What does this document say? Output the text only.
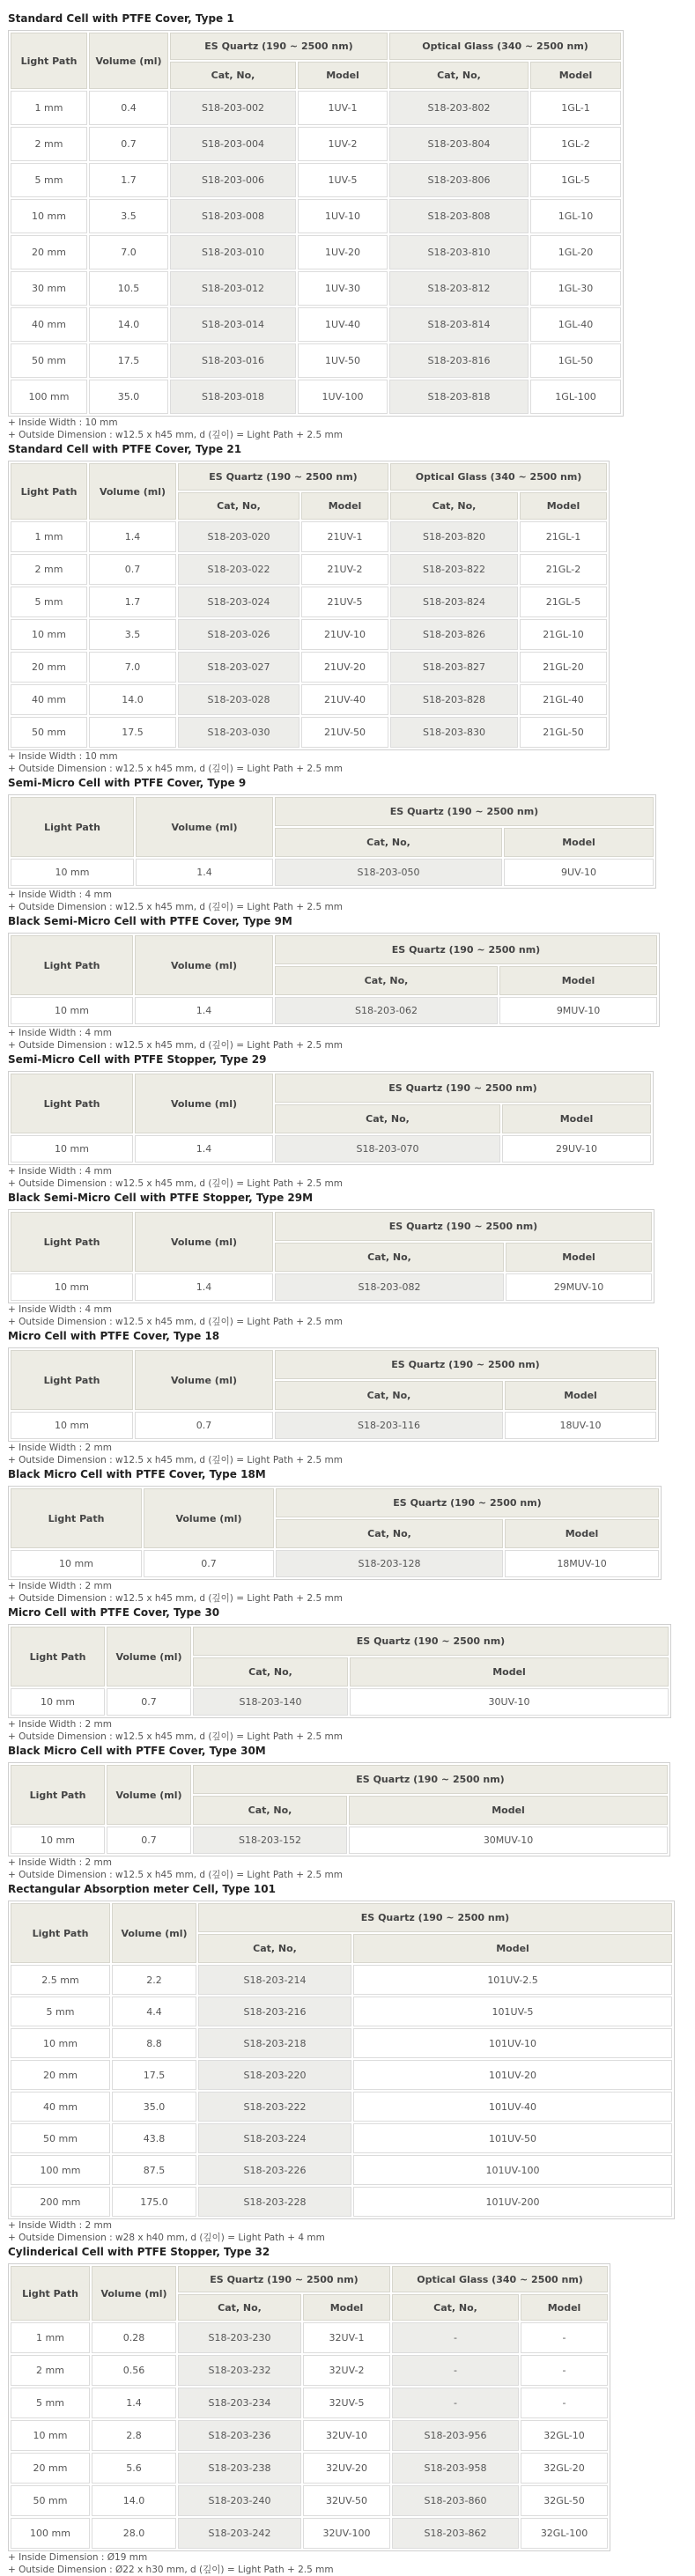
Standard Cell with PTFE Cover, Type 1
Light Path	Volume (ml)	ES Quartz (190 ~ 2500 nm)		Optical Glass (340 ~ 2500 nm)	
		Cat, No,	Model	Cat, No,	Model
1 mm	0.4	S18-203-002	1UV-1	S18-203-802	1GL-1
2 mm	0.7	S18-203-004	1UV-2	S18-203-804	1GL-2
5 mm	1.7	S18-203-006	1UV-5	S18-203-806	1GL-5
10 mm	3.5	S18-203-008	1UV-10	S18-203-808	1GL-10
20 mm	7.0	S18-203-010	1UV-20	S18-203-810	1GL-20
30 mm	10.5	S18-203-012	1UV-30	S18-203-812	1GL-30
40 mm	14.0	S18-203-014	1UV-40	S18-203-814	1GL-40
50 mm	17.5	S18-203-016	1UV-50	S18-203-816	1GL-50
100 mm	35.0	S18-203-018	1UV-100	S18-203-818	1GL-100
+ Inside Width : 10 mm
+ Outside Dimension : w12.5 x h45 mm, d (깊이) = Light Path + 2.5 mm
Standard Cell with PTFE Cover, Type 21
Light Path	Volume (ml)	ES Quartz (190 ~ 2500 nm)		Optical Glass (340 ~ 2500 nm)	
		Cat, No,	Model	Cat, No,	Model
1 mm	1.4	S18-203-020	21UV-1	S18-203-820	21GL-1
2 mm	0.7	S18-203-022	21UV-2	S18-203-822	21GL-2
5 mm	1.7	S18-203-024	21UV-5	S18-203-824	21GL-5
10 mm	3.5	S18-203-026	21UV-10	S18-203-826	21GL-10
20 mm	7.0	S18-203-027	21UV-20	S18-203-827	21GL-20
40 mm	14.0	S18-203-028	21UV-40	S18-203-828	21GL-40
50 mm	17.5	S18-203-030	21UV-50	S18-203-830	21GL-50
+ Inside Width : 10 mm
+ Outside Dimension : w12.5 x h45 mm, d (깊이) = Light Path + 2.5 mm
Semi-Micro Cell with PTFE Cover, Type 9
Light Path	Volume (ml)	ES Quartz (190 ~ 2500 nm)	
		Cat, No,	Model
10 mm	1.4	S18-203-050	9UV-10
+ Inside Width : 4 mm
+ Outside Dimension : w12.5 x h45 mm, d (깊이) = Light Path + 2.5 mm
Black Semi-Micro Cell with PTFE Cover, Type 9M
Light Path	Volume (ml)	ES Quartz (190 ~ 2500 nm)	
		Cat, No,	Model
10 mm	1.4	S18-203-062	9MUV-10
+ Inside Width : 4 mm
+ Outside Dimension : w12.5 x h45 mm, d (깊이) = Light Path + 2.5 mm
Semi-Micro Cell with PTFE Stopper, Type 29
Light Path	Volume (ml)	ES Quartz (190 ~ 2500 nm)	
		Cat, No,	Model
10 mm	1.4	S18-203-070	29UV-10
+ Inside Width : 4 mm
+ Outside Dimension : w12.5 x h45 mm, d (깊이) = Light Path + 2.5 mm
Black Semi-Micro Cell with PTFE Stopper, Type 29M
Light Path	Volume (ml)	ES Quartz (190 ~ 2500 nm)	
		Cat, No,	Model
10 mm	1.4	S18-203-082	29MUV-10
+ Inside Width : 4 mm
+ Outside Dimension : w12.5 x h45 mm, d (깊이) = Light Path + 2.5 mm
Micro Cell with PTFE Cover, Type 18
Light Path	Volume (ml)	ES Quartz (190 ~ 2500 nm)	
		Cat, No,	Model
10 mm	0.7	S18-203-116	18UV-10
+ Inside Width : 2 mm
+ Outside Dimension : w12.5 x h45 mm, d (깊이) = Light Path + 2.5 mm
Black Micro Cell with PTFE Cover, Type 18M
Light Path	Volume (ml)	ES Quartz (190 ~ 2500 nm)	
		Cat, No,	Model
10 mm	0.7	S18-203-128	18MUV-10
+ Inside Width : 2 mm
+ Outside Dimension : w12.5 x h45 mm, d (깊이) = Light Path + 2.5 mm
Micro Cell with PTFE Cover, Type 30
Light Path	Volume (ml)	ES Quartz (190 ~ 2500 nm)	
		Cat, No,	Model
10 mm	0.7	S18-203-140	30UV-10
+ Inside Width : 2 mm
+ Outside Dimension : w12.5 x h45 mm, d (깊이) = Light Path + 2.5 mm
Black Micro Cell with PTFE Cover, Type 30M
Light Path	Volume (ml)	ES Quartz (190 ~ 2500 nm)	
		Cat, No,	Model
10 mm	0.7	S18-203-152	30MUV-10
+ Inside Width : 2 mm
+ Outside Dimension : w12.5 x h45 mm, d (깊이) = Light Path + 2.5 mm
Rectangular Absorption meter Cell, Type 101
Light Path	Volume (ml)	ES Quartz (190 ~ 2500 nm)	
		Cat, No,	Model
2.5 mm	2.2	S18-203-214	101UV-2.5
5 mm	4.4	S18-203-216	101UV-5
10 mm	8.8	S18-203-218	101UV-10
20 mm	17.5	S18-203-220	101UV-20
40 mm	35.0	S18-203-222	101UV-40
50 mm	43.8	S18-203-224	101UV-50
100 mm	87.5	S18-203-226	101UV-100
200 mm	175.0	S18-203-228	101UV-200
+ Inside Width : 2 mm
+ Outside Dimension : w28 x h40 mm, d (깊이) = Light Path + 4 mm
Cylinderical Cell with PTFE Stopper, Type 32
Light Path	Volume (ml)	ES Quartz (190 ~ 2500 nm)		Optical Glass (340 ~ 2500 nm)	
		Cat, No,	Model	Cat, No,	Model
1 mm	0.28	S18-203-230	32UV-1	-	-
2 mm	0.56	S18-203-232	32UV-2	-	-
5 mm	1.4	S18-203-234	32UV-5	-	-
10 mm	2.8	S18-203-236	32UV-10	S18-203-956	32GL-10
20 mm	5.6	S18-203-238	32UV-20	S18-203-958	32GL-20
50 mm	14.0	S18-203-240	32UV-50	S18-203-860	32GL-50
100 mm	28.0	S18-203-242	32UV-100	S18-203-862	32GL-100
+ Inside Dimension : Ø19 mm
+ Outside Dimension : Ø22 x h30 mm, d (깊이) = Light Path + 2.5 mm
